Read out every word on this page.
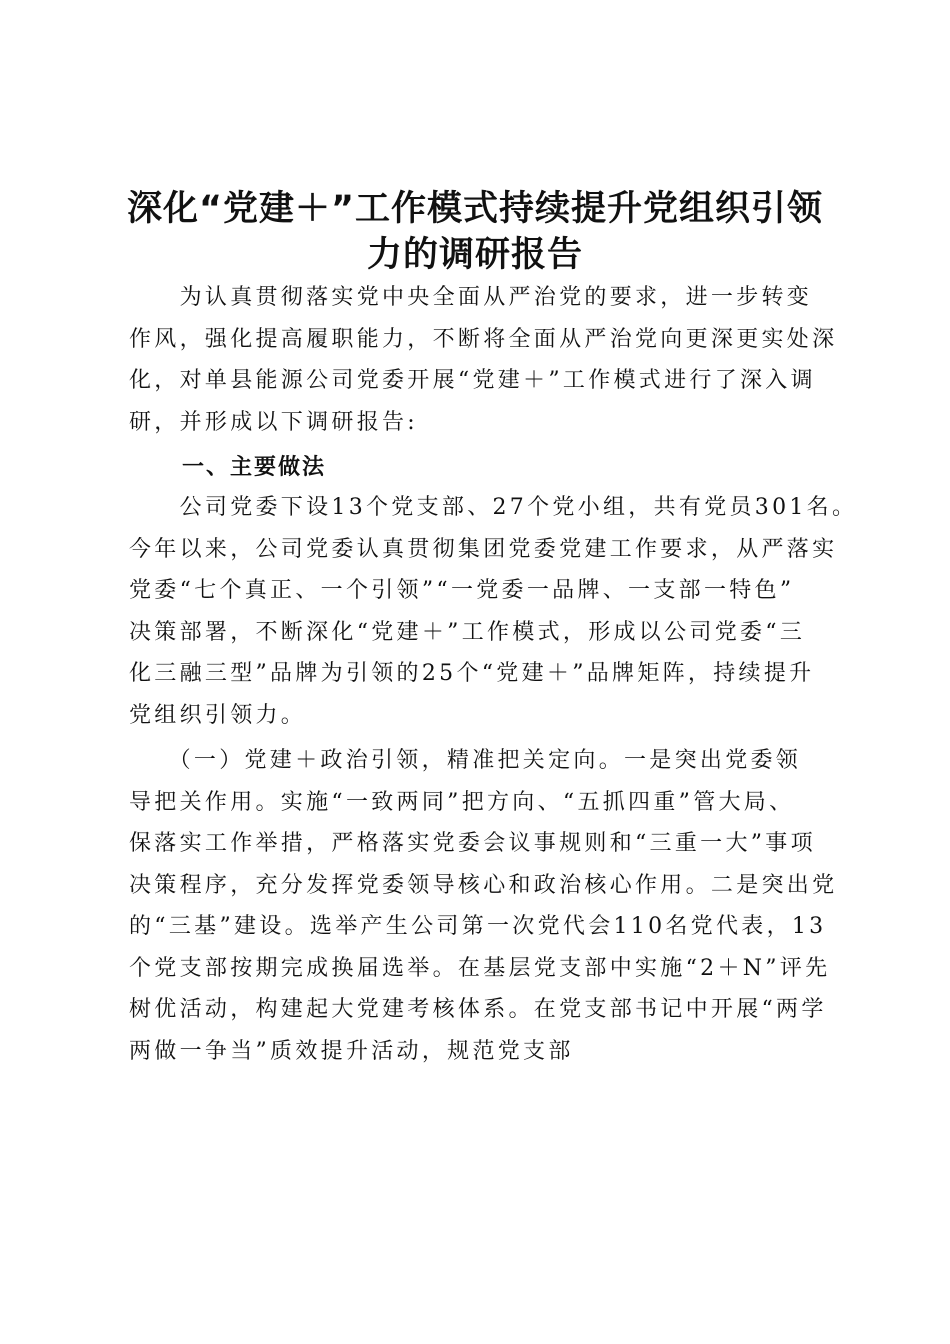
深化“党建＋”工作模式持续提升党组织引领
力的调研报告
　　为认真贯彻落实党中央全面从严治党的要求，进一步转变
作风，强化提高履职能力，不断将全面从严治党向更深更实处深
化，对单县能源公司党委开展“党建＋”工作模式进行了深入调
研，并形成以下调研报告:
一、主要做法
　　公司党委下设13个党支部、27个党小组，共有党员301名。
今年以来，公司党委认真贯彻集团党委党建工作要求，从严落实
党委“七个真正、一个引领”“一党委一品牌、一支部一特色”
决策部署，不断深化“党建＋”工作模式，形成以公司党委“三
化三融三型”品牌为引领的25个“党建＋”品牌矩阵，持续提升
党组织引领力。
　　（一）党建＋政治引领，精准把关定向。一是突出党委领
导把关作用。实施“一致两同”把方向、“五抓四重”管大局、
保落实工作举措，严格落实党委会议事规则和“三重一大”事项
决策程序，充分发挥党委领导核心和政治核心作用。二是突出党
的“三基”建设。选举产生公司第一次党代会110名党代表，13
个党支部按期完成换届选举。在基层党支部中实施“2＋N”评先
树优活动，构建起大党建考核体系。在党支部书记中开展“两学
两做一争当”质效提升活动，规范党支部
